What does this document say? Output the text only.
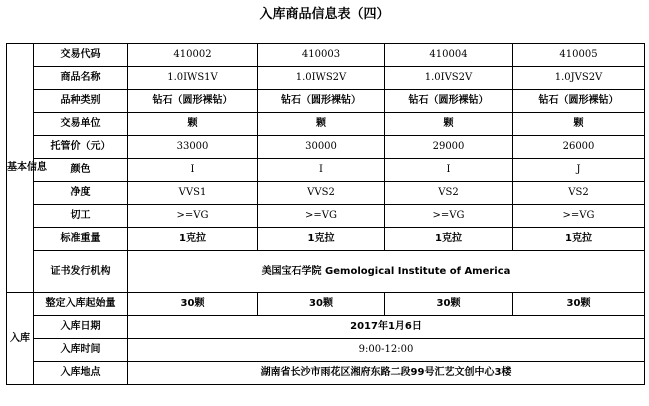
入库商品信息表（四）
基本信息	交易代码	410002	410003	410004	410005
	商品名称	1.0IWS1V	1.0IWS2V	1.0IVS2V	1.0JVS2V
	品种类别	钻石（圆形裸钻）	钻石（圆形裸钻）	钻石（圆形裸钻）	钻石（圆形裸钻）
	交易单位	颗	颗	颗	颗
	托管价（元）	33000	30000	29000	26000
	颜色	I	I	I	J
	净度	VVS1	VVS2	VS2	VS2
	切工	>=VG	>=VG	>=VG	>=VG
	标准重量	1克拉	1克拉	1克拉	1克拉
	证书发行机构	美国宝石学院 Gemological Institute of America			
入库	整定入库起始量	30颗	30颗	30颗	30颗
	入库日期	2017年1月6日			
	入库时间	9:00-12:00			
	入库地点	湖南省长沙市雨花区湘府东路二段99号汇艺文创中心3楼			
